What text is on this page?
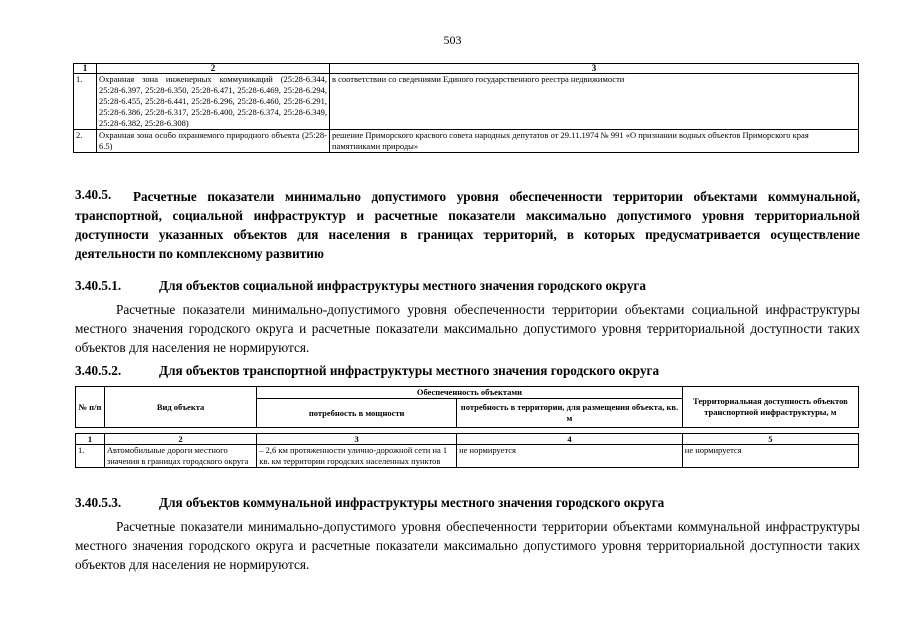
503
1	2	3
1.	Охранная зона инженерных коммуникаций (25:28-6.344, 25:28-6.397, 25:28-6.350, 25:28-6.471, 25:28-6.469, 25:28-6.294, 25:28-6.455, 25:28-6.441, 25:28-6.296, 25:28-6.460, 25:28-6.291, 25:28-6.386, 25:28-6.317, 25:28-6.400, 25:28-6.374, 25:28-6.349, 25:28-6.382, 25:28-6.308)	в соответствии со сведениями Единого государственного реестра недвижимости
2.	Охранная зона особо охраняемого природного объекта (25:28-6.5)	решение Приморского красвого совета народных депутатов от 29.11.1974 № 991 «О признании водных объектов Приморского края памятниками природы»
3.40.5.	Расчетные показатели минимально допустимого уровня обеспеченности территории объектами коммунальной, транспортной, социальной инфраструктур и расчетные показатели максимально допустимого уровня территориальной доступности указанных объектов для населения в границах территорий, в которых предусматривается осуществление деятельности по комплексному развитию
3.40.5.1.	Для объектов социальной инфраструктуры местного значения городского округа
Расчетные показатели минимально-допустимого уровня обеспеченности территории объектами социальной инфраструктуры местного значения городского округа и расчетные показатели максимально допустимого уровня территориальной доступности таких объектов для населения не нормируются.
3.40.5.2.	Для объектов транспортной инфраструктуры местного значения городского округа
№ п/п	Вид объекта	Обеспеченность объектами		Территориальная доступность объектов транспортной инфраструктуры, м
		потребность в мощности	потребность в территории, для размещения объекта, кв. м	

1	2	3	4	5
1.	Автомобильные дороги местного значения в границах городского округа	– 2,6 км протяженности улично-дорожной сети на 1 кв. км территории городских населенных пунктов	не нормируется	не нормируется
3.40.5.3.	Для объектов коммунальной инфраструктуры местного значения городского округа
Расчетные показатели минимально-допустимого уровня обеспеченности территории объектами коммунальной инфраструктуры местного значения городского округа и расчетные показатели максимально допустимого уровня территориальной доступности таких объектов для населения не нормируются.
